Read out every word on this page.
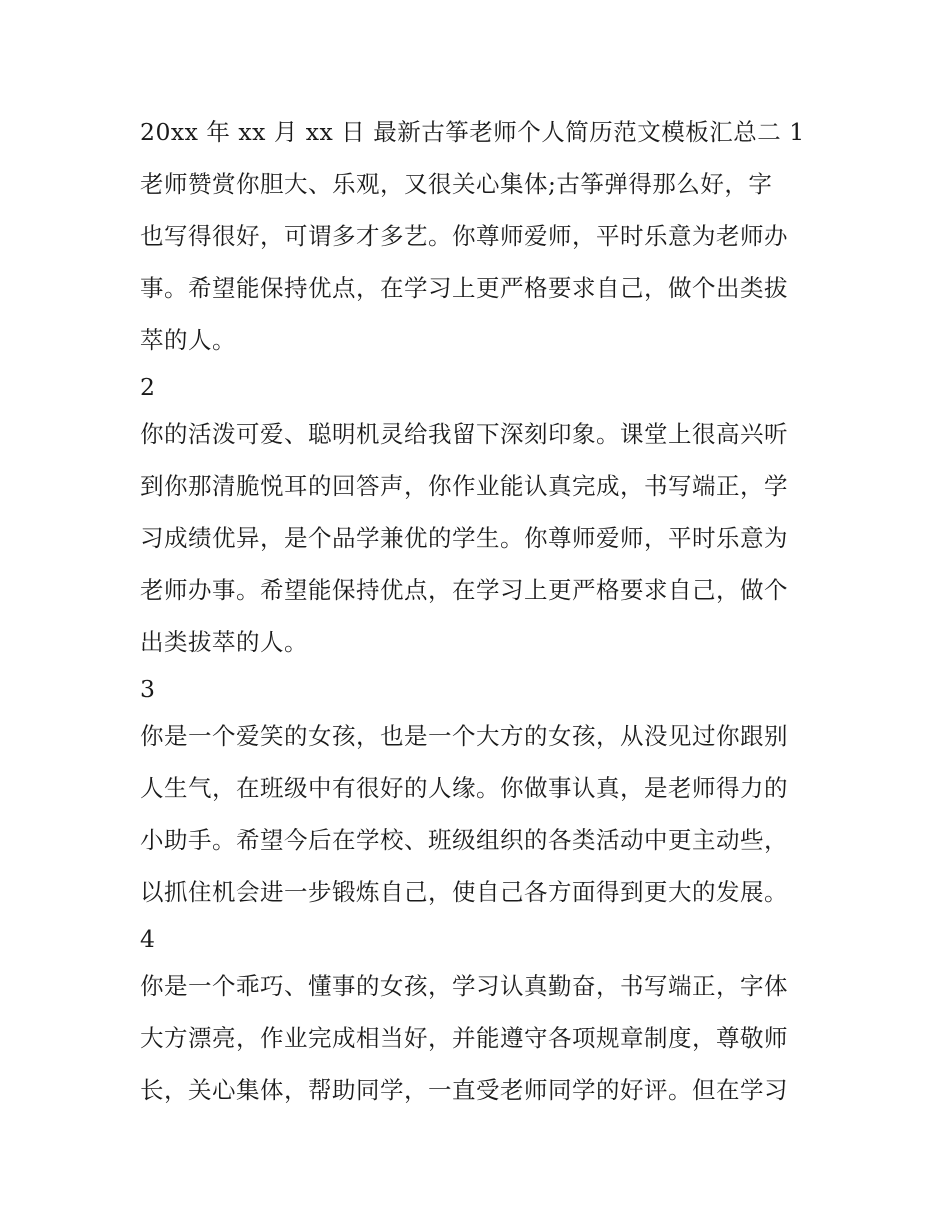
20xx 年 xx 月 xx 日 最新古筝老师个人简历范文模板汇总二 1
老师赞赏你胆大、乐观，又很关心集体;古筝弹得那么好，字
也写得很好，可谓多才多艺。你尊师爱师，平时乐意为老师办
事。希望能保持优点，在学习上更严格要求自己，做个出类拔
萃的人。
2
你的活泼可爱、聪明机灵给我留下深刻印象。课堂上很高兴听
到你那清脆悦耳的回答声，你作业能认真完成，书写端正，学
习成绩优异，是个品学兼优的学生。你尊师爱师，平时乐意为
老师办事。希望能保持优点，在学习上更严格要求自己，做个
出类拔萃的人。
3
你是一个爱笑的女孩，也是一个大方的女孩，从没见过你跟别
人生气，在班级中有很好的人缘。你做事认真，是老师得力的
小助手。希望今后在学校、班级组织的各类活动中更主动些，
以抓住机会进一步锻炼自己，使自己各方面得到更大的发展。
4
你是一个乖巧、懂事的女孩，学习认真勤奋，书写端正，字体
大方漂亮，作业完成相当好，并能遵守各项规章制度，尊敬师
长，关心集体，帮助同学，一直受老师同学的好评。但在学习
